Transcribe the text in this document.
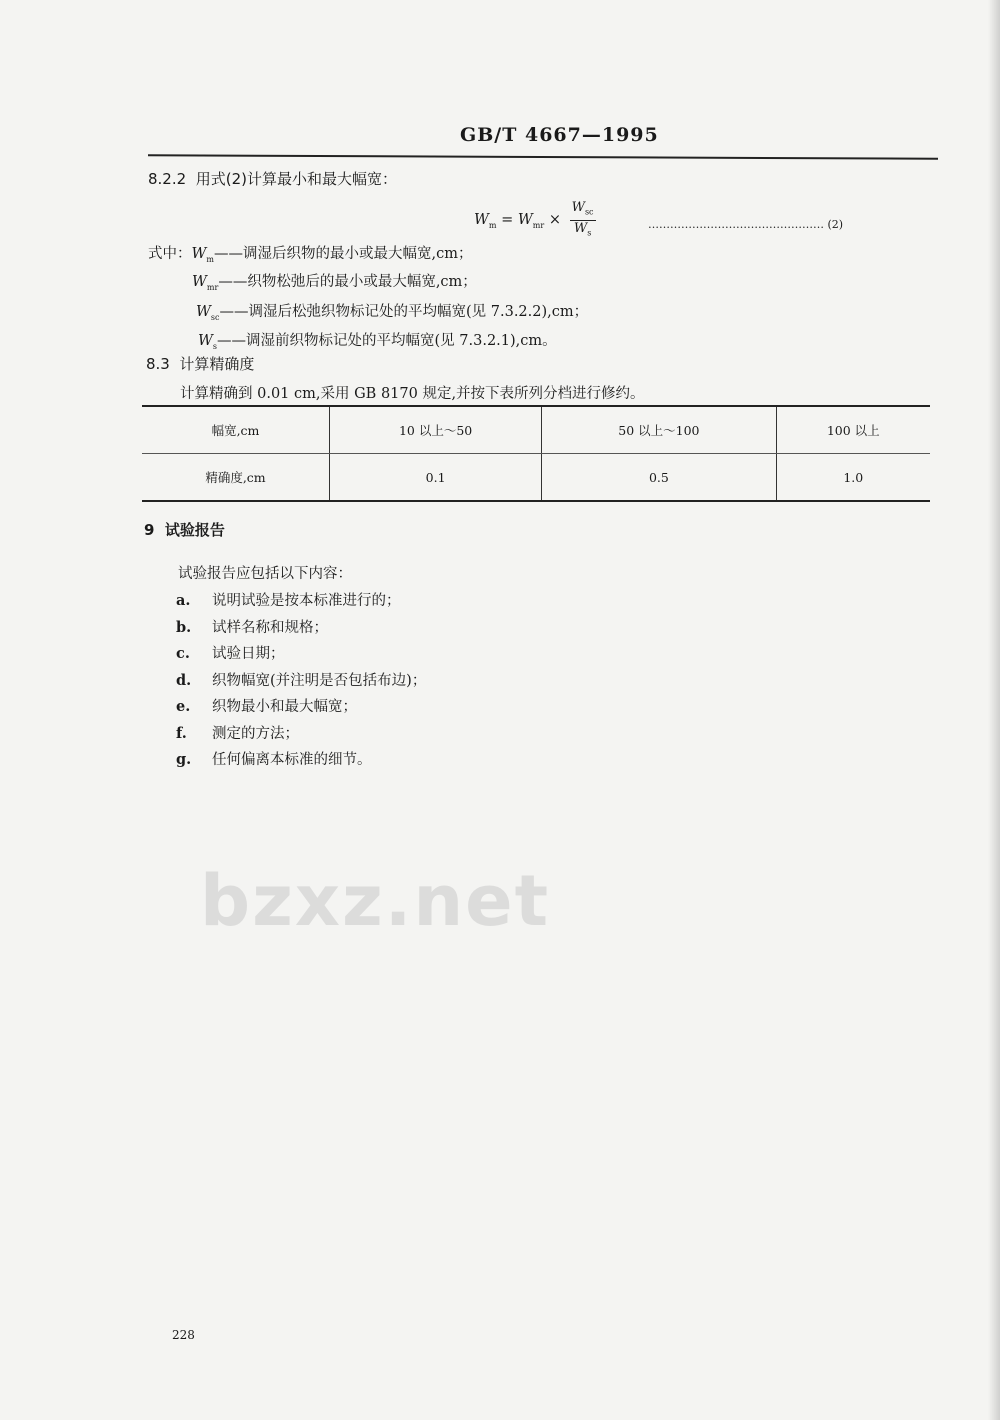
bzxz.net
GB/T 4667—1995
8.2.2 用式(2)计算最小和最大幅宽：
$W_m = W_{mr} \times \frac{W_{sc}}{W_s}$	………………………………………… (2)
式中：$W_m——$调湿后织物的最小或最大幅宽,cm；
$W_{mr}——$织物松弛后的最小或最大幅宽,cm；
$W_{sc}——$调湿后松弛织物标记处的平均幅宽(见 7.3.2.2),cm；
$W_s——$调湿前织物标记处的平均幅宽(见 7.3.2.1),cm。
8.3 计算精确度
计算精确到 0.01 cm,采用 GB 8170 规定,并按下表所列分档进行修约。
幅宽,cm	10 以上～50	50 以上～100	100 以上
精确度,cm	0.1	0.5	1.0
9 试验报告
试验报告应包括以下内容：
a. 说明试验是按本标准进行的；
b. 试样名称和规格；
c. 试验日期；
d. 织物幅宽(并注明是否包括布边)；
e. 织物最小和最大幅宽；
f. 测定的方法；
g. 任何偏离本标准的细节。
228
